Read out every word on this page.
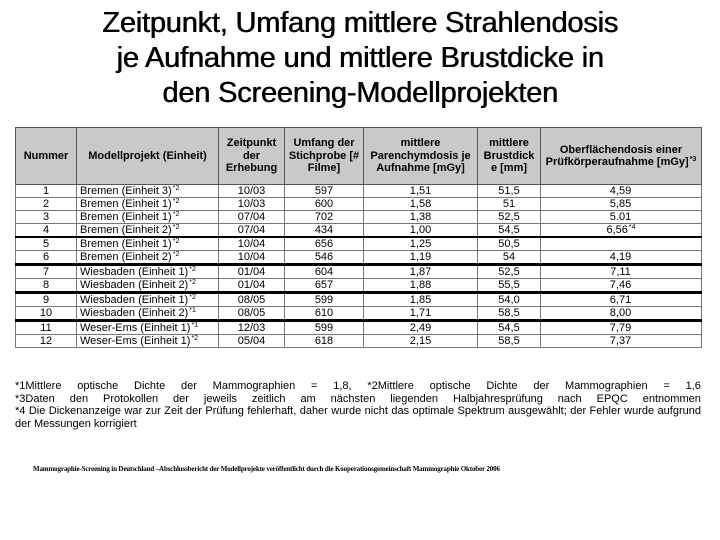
Zeitpunkt, Umfang mittlere Strahlendosis
je Aufnahme und mittlere Brustdicke in
den Screening-Modellprojekten
Nummer	Modellprojekt (Einheit)	Zeitpunkt der Erhebung	Umfang der Stichprobe [# Filme]	mittlere Parenchymdosis je Aufnahme [mGy]	mittlere Brustdick e [mm]	Oberflächendosis einer Prüfkörperaufnahme [mGy]$^{*3}$
1	Bremen (Einheit 3)$^{*2}$	10/03	597	1,51	51,5	4,59
2	Bremen (Einheit 1)$^{*2}$	10/03	600	1,58	51	5,85
3	Bremen (Einheit 1)$^{*2}$	07/04	702	1,38	52,5	5.01
4	Bremen (Einheit 2)$^{*2}$	07/04	434	1,00	54,5	6,56$^{*4}$
5	Bremen (Einheit 1)$^{*2}$	10/04	656	1,25	50,5	
6	Bremen (Einheit 2)$^{*2}$	10/04	546	1,19	54	4,19
7	Wiesbaden (Einheit 1)$^{*2}$	01/04	604	1,87	52,5	7,11
8	Wiesbaden (Einheit 2)$^{*2}$	01/04	657	1,88	55,5	7,46
9	Wiesbaden (Einheit 1)$^{*2}$	08/05	599	1,85	54,0	6,71
10	Wiesbaden (Einheit 2)$^{*1}$	08/05	610	1,71	58,5	8,00
11	Weser-Ems (Einheit 1)$^{*1}$	12/03	599	2,49	54,5	7,79
12	Weser-Ems (Einheit 1)$^{*2}$	05/04	618	2,15	58,5	7,37
*1Mittlere optische Dichte der Mammographien = 1,8, *2Mittlere optische Dichte der Mammographien = 1,6
*3Daten den Protokollen der jeweils zeitlich am nächsten liegenden Halbjahresprüfung nach EPQC entnommen
*4 Die Dickenanzeige war zur Zeit der Prüfung fehlerhaft, daher wurde nicht das optimale Spektrum ausgewählt; der Fehler wurde aufgrund der Messungen korrigiert
Mammographie-Screening in Deutschland –Abschlussbericht der Modellprojekte veröffentlicht durch die Kooperationsgemeinschaft Mammographie Oktober 2006
